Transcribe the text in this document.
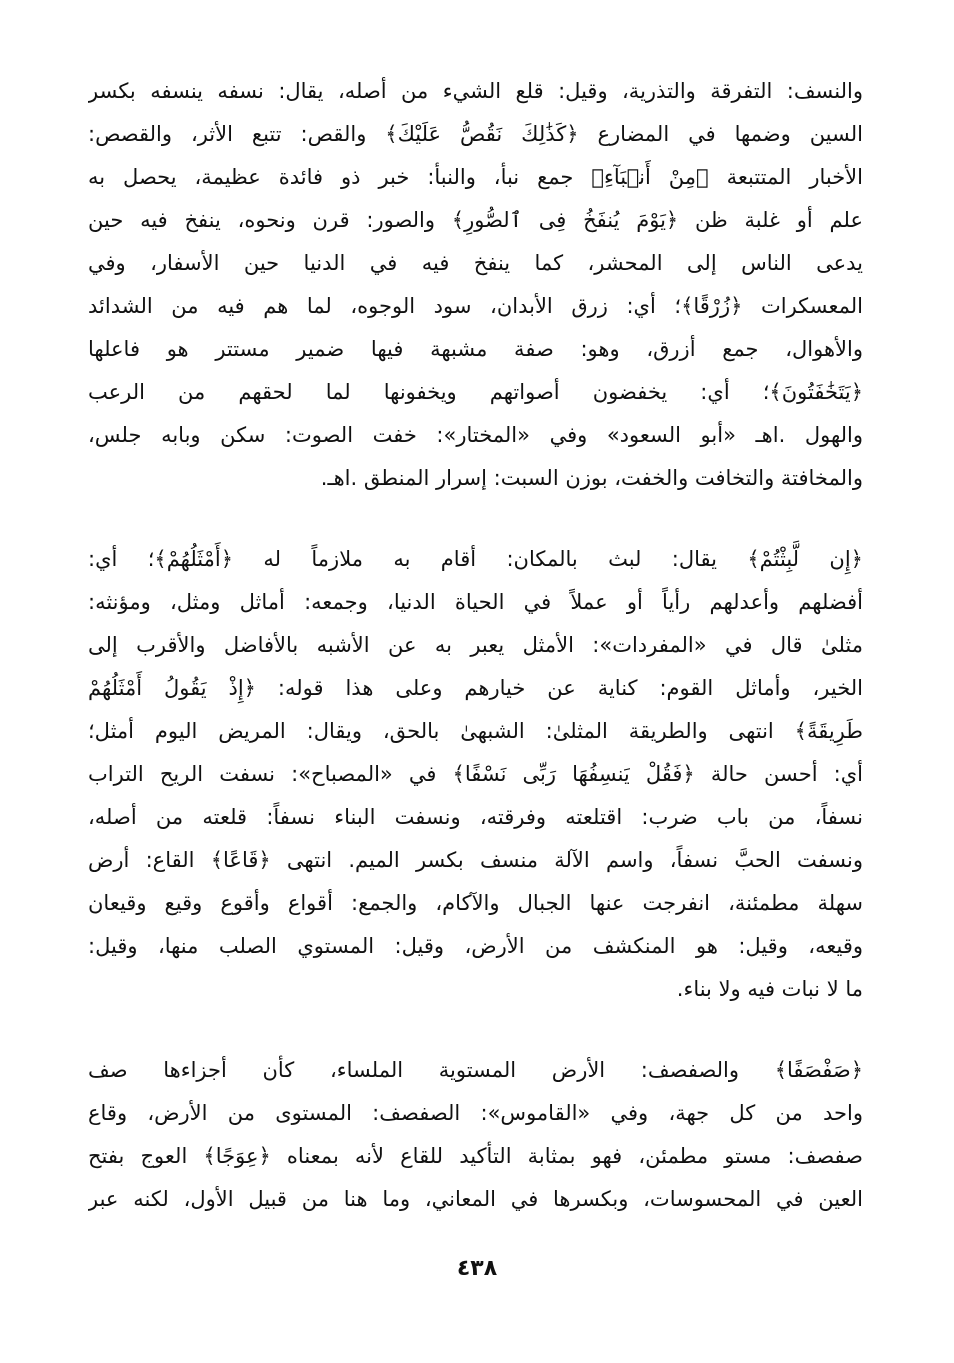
والنسف: التفرقة والتذرية، وقيل: قلع الشيء من أصله، يقال: نسفه ينسفه بكسر
السين وضمها في المضارع ﴿كَذَٰلِكَ نَقُصُّ عَلَيْكَ﴾ والقص: تتبع الأثر، والقصص:
الأخبار المتتبعة ﴿مِنْ أَنۢبَآءِ﴾ جمع نبأ، والنبأ: خبر ذو فائدة عظيمة، يحصل به
علم أو غلبة ظن ﴿يَوْمَ يُنفَخُ فِى ٱلصُّورِ﴾ والصور: قرن ونحوه، ينفخ فيه حين
يدعى الناس إلى المحشر، كما ينفخ فيه في الدنيا حين الأسفار، وفي
المعسكرات ﴿زُرْقًا﴾؛ أي: زرق الأبدان، سود الوجوه، لما هم فيه من الشدائد
والأهوال، جمع أزرق، وهو: صفة مشبهة فيها ضمير مستتر هو فاعلها
﴿يَتَخَٰفَتُونَ﴾؛ أي: يخفضون أصواتهم ويخفونها لما لحقهم من الرعب
والهول .اهـ «أبو السعود» وفي «المختار»: خفت الصوت: سكن وبابه جلس،
والمخافتة والتخافت والخفت، بوزن السبت: إسرار المنطق .اهـ.
﴿إِن لَّبِثْتُمْ﴾ يقال: لبث بالمكان: أقام به ملازماً له ﴿أَمْثَلُهُمْ﴾؛ أي:
أفضلهم وأعدلهم رأياً أو عملاً في الحياة الدنيا، وجمعه: أماثل ومثل، ومؤنثه:
مثلىٰ قال في «المفردات»: الأمثل يعبر به عن الأشبه بالأفاضل والأقرب إلى
الخير، وأماثل القوم: كناية عن خيارهم وعلى هذا قوله: ﴿إِذْ يَقُولُ أَمْثَلُهُمْ
طَرِيقَةً﴾ انتهى والطريقة المثلىٰ: الشبهىٰ بالحق، ويقال: المريض اليوم أمثل؛
أي: أحسن حالة ﴿فَقُلْ يَنسِفُهَا رَبِّى نَسْفًا﴾ في «المصباح»: نسفت الريح التراب
نسفاً، من باب ضرب: اقتلعته وفرقته، ونسفت البناء نسفاً: قلعته من أصله،
ونسفت الحبَّ نسفاً، واسم الآلة منسف بكسر الميم. انتهى ﴿قَاعًا﴾ القاع: أرض
سهلة مطمئنة، انفرجت عنها الجبال والآكام، والجمع: أقواع وأقوع وقيع وقيعان
وقيعه، وقيل: هو المنكشف من الأرض، وقيل: المستوي الصلب منها، وقيل:
ما لا نبات فيه ولا بناء.
﴿صَفْصَفًا﴾ والصفصف: الأرض المستوية الملساء، كأن أجزاءها صف
واحد من كل جهة، وفي «القاموس»: الصفصف: المستوى من الأرض، وقاع
صفصف: مستو مطمئن، فهو بمثابة التأكيد للقاع لأنه بمعناه ﴿عِوَجًا﴾ العوج بفتح
العين في المحسوسات، وبكسرها في المعاني، وما هنا من قبيل الأول، لكنه عبر
٤٣٨
